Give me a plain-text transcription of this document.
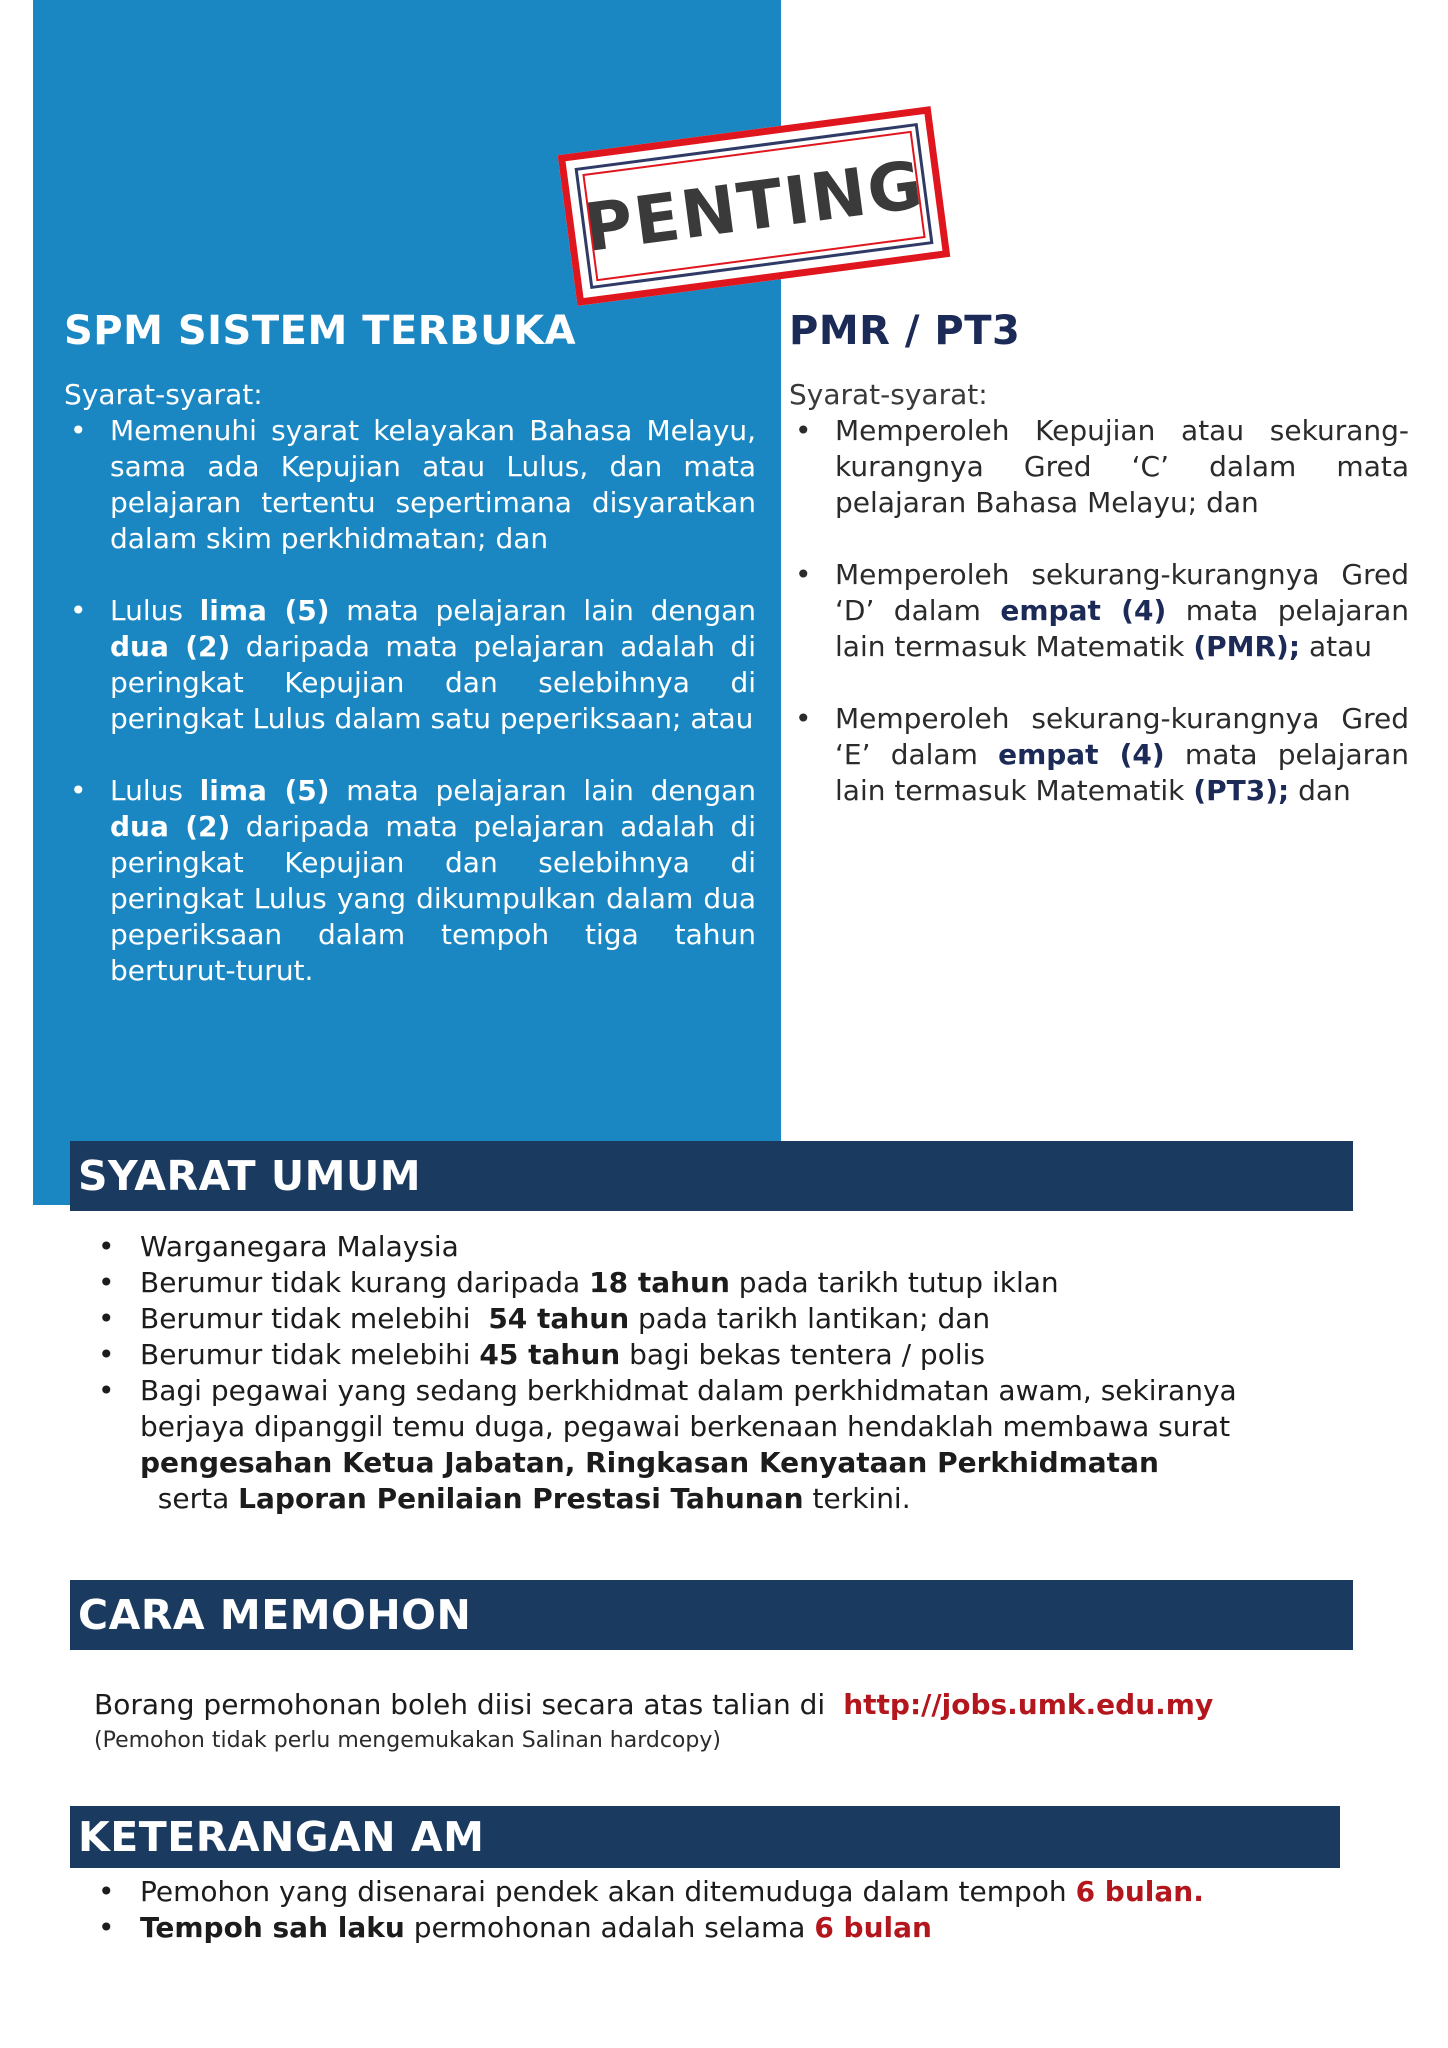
PENTING
SPM SISTEM TERBUKA
Syarat-syarat:
• Memenuhi syarat kelayakan Bahasa Melayu, sama ada Kepujian atau Lulus, dan mata pelajaran tertentu sepertimana disyaratkan dalam skim perkhidmatan; dan
• Lulus lima (5) mata pelajaran lain dengan dua (2) daripada mata pelajaran adalah di peringkat Kepujian dan selebihnya di peringkat Lulus dalam satu peperiksaan; atau
• Lulus lima (5) mata pelajaran lain dengan dua (2) daripada mata pelajaran adalah di peringkat Kepujian dan selebihnya di peringkat Lulus yang dikumpulkan dalam dua peperiksaan dalam tempoh tiga tahun berturut-turut.
PMR / PT3
Syarat-syarat:
• Memperoleh Kepujian atau sekurang-kurangnya Gred ‘C’ dalam mata pelajaran Bahasa Melayu; dan
• Memperoleh sekurang-kurangnya Gred ‘D’ dalam empat (4) mata pelajaran lain termasuk Matematik (PMR); atau
• Memperoleh sekurang-kurangnya Gred ‘E’ dalam empat (4) mata pelajaran lain termasuk Matematik (PT3); dan
SYARAT UMUM
• Warganegara Malaysia
• Berumur tidak kurang daripada 18 tahun pada tarikh tutup iklan
• Berumur tidak melebihi  54 tahun pada tarikh lantikan; dan
• Berumur tidak melebihi 45 tahun bagi bekas tentera / polis
• Bagi pegawai yang sedang berkhidmat dalam perkhidmatan awam, sekiranya berjaya dipanggil temu duga, pegawai berkenaan hendaklah membawa surat pengesahan Ketua Jabatan, Ringkasan Kenyataan Perkhidmatan  serta Laporan Penilaian Prestasi Tahunan terkini.
CARA MEMOHON
Borang permohonan boleh diisi secara atas talian di http://jobs.umk.edu.my
(Pemohon tidak perlu mengemukakan Salinan hardcopy)
KETERANGAN AM
• Pemohon yang disenarai pendek akan ditemuduga dalam tempoh 6 bulan.
• Tempoh sah laku permohonan adalah selama 6 bulan
